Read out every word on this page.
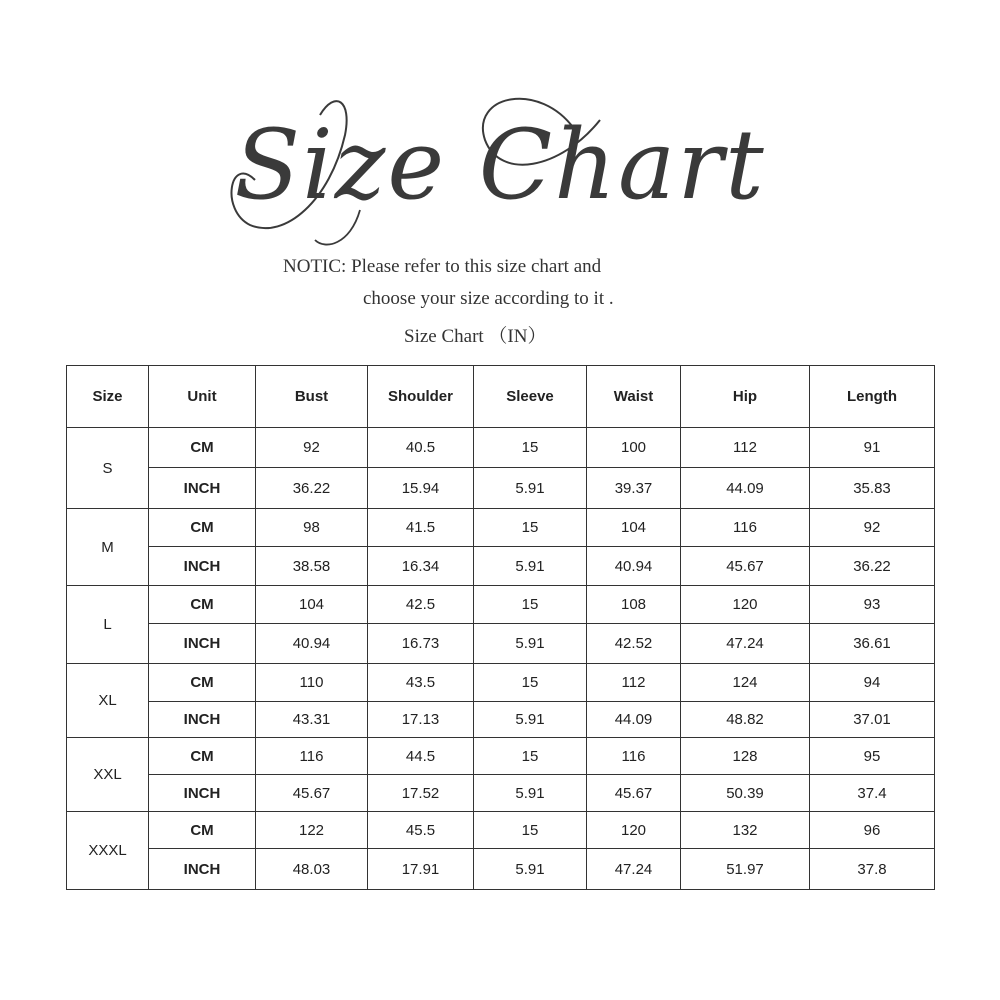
Size Chart
NOTIC: Please refer to this size chart and
choose your size according to it .
Size Chart （IN）
Size	Unit	Bust	Shoulder	Sleeve	Waist	Hip	Length
S	CM	92	40.5	15	100	112	91
	INCH	36.22	15.94	5.91	39.37	44.09	35.83
M	CM	98	41.5	15	104	116	92
	INCH	38.58	16.34	5.91	40.94	45.67	36.22
L	CM	104	42.5	15	108	120	93
	INCH	40.94	16.73	5.91	42.52	47.24	36.61
XL	CM	110	43.5	15	112	124	94
	INCH	43.31	17.13	5.91	44.09	48.82	37.01
XXL	CM	116	44.5	15	116	128	95
	INCH	45.67	17.52	5.91	45.67	50.39	37.4
XXXL	CM	122	45.5	15	120	132	96
	INCH	48.03	17.91	5.91	47.24	51.97	37.8
